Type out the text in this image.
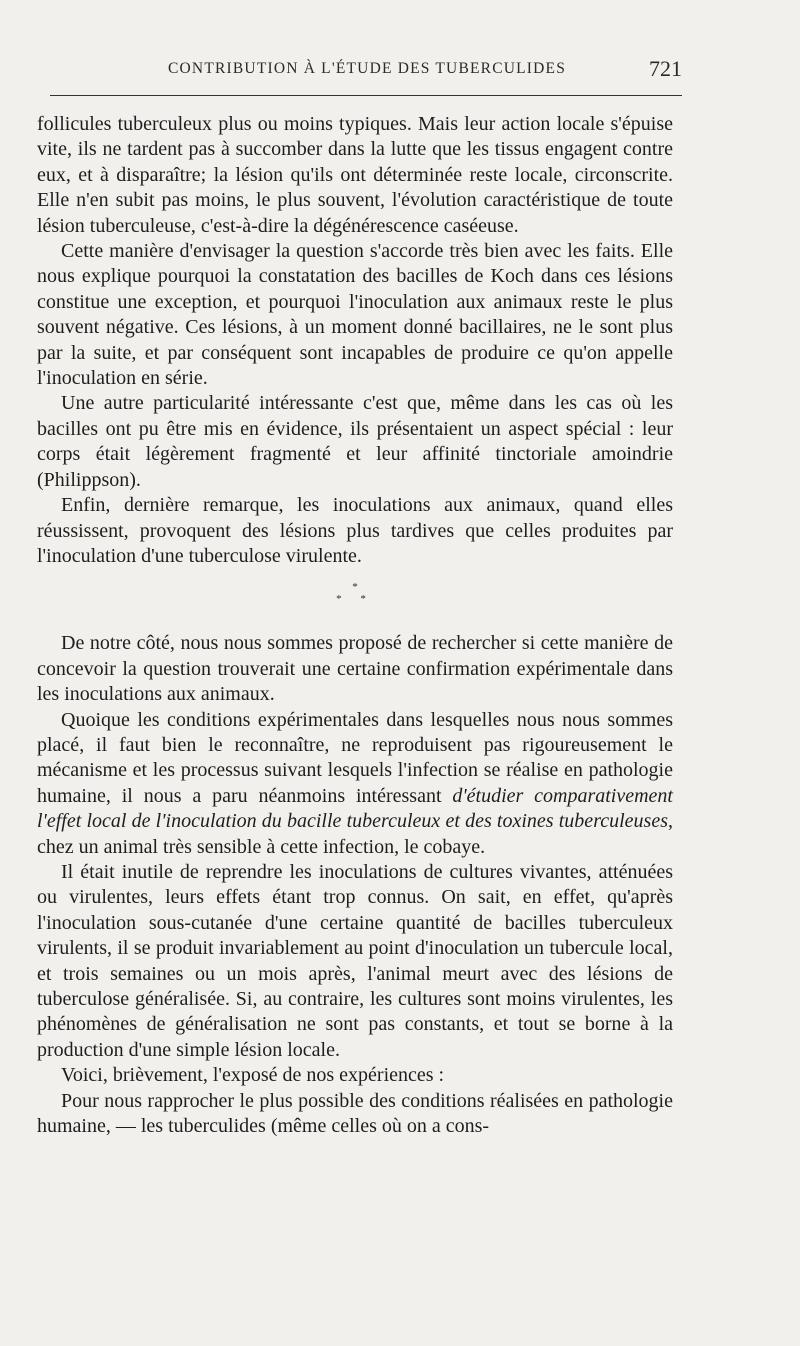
CONTRIBUTION À L'ÉTUDE DES TUBERCULIDES	721

follicules tuberculeux plus ou moins typiques. Mais leur action locale s'épuise vite, ils ne tardent pas à succomber dans la lutte que les tissus engagent contre eux, et à disparaître; la lésion qu'ils ont déterminée reste locale, circonscrite. Elle n'en subit pas moins, le plus souvent, l'évolution caractéristique de toute lésion tuberculeuse, c'est-à-dire la dégénérescence caséeuse.

Cette manière d'envisager la question s'accorde très bien avec les faits. Elle nous explique pourquoi la constatation des bacilles de Koch dans ces lésions constitue une exception, et pourquoi l'inoculation aux animaux reste le plus souvent négative. Ces lésions, à un moment donné bacillaires, ne le sont plus par la suite, et par conséquent sont incapables de produire ce qu'on appelle l'inoculation en série.

Une autre particularité intéressante c'est que, même dans les cas où les bacilles ont pu être mis en évidence, ils présentaient un aspect spécial : leur corps était légèrement fragmenté et leur affinité tinctoriale amoindrie (Philippson).

Enfin, dernière remarque, les inoculations aux animaux, quand elles réussissent, provoquent des lésions plus tardives que celles produites par l'inoculation d'une tuberculose virulente.

*
* *

De notre côté, nous nous sommes proposé de rechercher si cette manière de concevoir la question trouverait une certaine confirmation expérimentale dans les inoculations aux animaux.

Quoique les conditions expérimentales dans lesquelles nous nous sommes placé, il faut bien le reconnaître, ne reproduisent pas rigoureusement le mécanisme et les processus suivant lesquels l'infection se réalise en pathologie humaine, il nous a paru néanmoins intéressant d'étudier comparativement l'effet local de l'inoculation du bacille tuberculeux et des toxines tuberculeuses, chez un animal très sensible à cette infection, le cobaye.

Il était inutile de reprendre les inoculations de cultures vivantes, atténuées ou virulentes, leurs effets étant trop connus. On sait, en effet, qu'après l'inoculation sous-cutanée d'une certaine quantité de bacilles tuberculeux virulents, il se produit invariablement au point d'inoculation un tubercule local, et trois semaines ou un mois après, l'animal meurt avec des lésions de tuberculose généralisée. Si, au contraire, les cultures sont moins virulentes, les phénomènes de généralisation ne sont pas constants, et tout se borne à la production d'une simple lésion locale.

Voici, brièvement, l'exposé de nos expériences :

Pour nous rapprocher le plus possible des conditions réalisées en pathologie humaine, — les tuberculides (même celles où on a cons-
